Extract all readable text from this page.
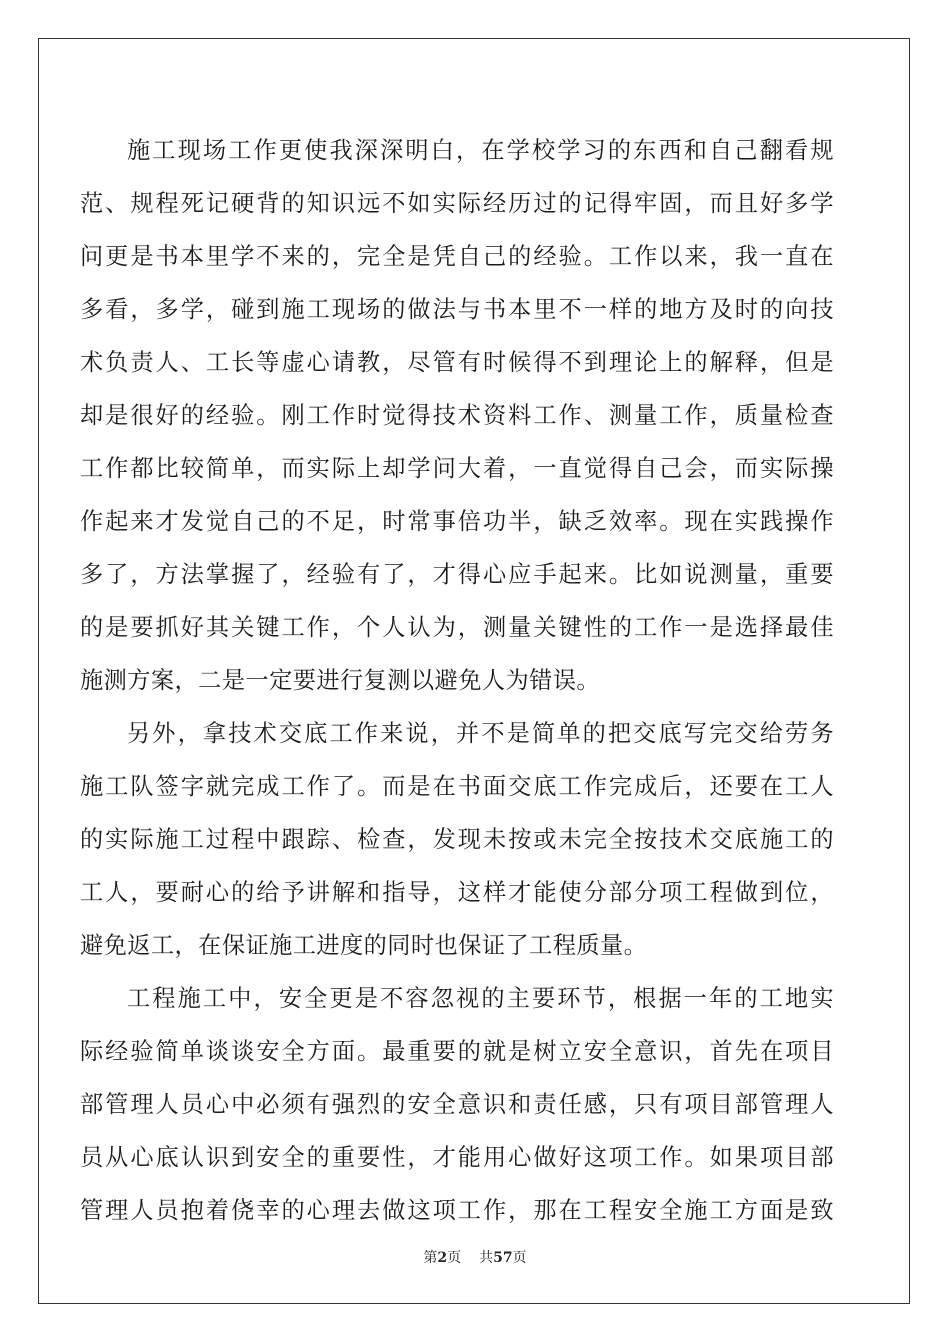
施工现场工作更使我深深明白，在学校学习的东西和自己翻看规
范、规程死记硬背的知识远不如实际经历过的记得牢固，而且好多学
问更是书本里学不来的，完全是凭自己的经验。工作以来，我一直在
多看，多学，碰到施工现场的做法与书本里不一样的地方及时的向技
术负责人、工长等虚心请教，尽管有时候得不到理论上的解释，但是
却是很好的经验。刚工作时觉得技术资料工作、测量工作，质量检查
工作都比较简单，而实际上却学问大着，一直觉得自己会，而实际操
作起来才发觉自己的不足，时常事倍功半，缺乏效率。现在实践操作
多了，方法掌握了，经验有了，才得心应手起来。比如说测量，重要
的是要抓好其关键工作，个人认为，测量关键性的工作一是选择最佳
施测方案，二是一定要进行复测以避免人为错误。
另外，拿技术交底工作来说，并不是简单的把交底写完交给劳务
施工队签字就完成工作了。而是在书面交底工作完成后，还要在工人
的实际施工过程中跟踪、检查，发现未按或未完全按技术交底施工的
工人，要耐心的给予讲解和指导，这样才能使分部分项工程做到位，
避免返工，在保证施工进度的同时也保证了工程质量。
工程施工中，安全更是不容忽视的主要环节，根据一年的工地实
际经验简单谈谈安全方面。最重要的就是树立安全意识，首先在项目
部管理人员心中必须有强烈的安全意识和责任感，只有项目部管理人
员从心底认识到安全的重要性，才能用心做好这项工作。如果项目部
管理人员抱着侥幸的心理去做这项工作，那在工程安全施工方面是致
第2页 共57页
